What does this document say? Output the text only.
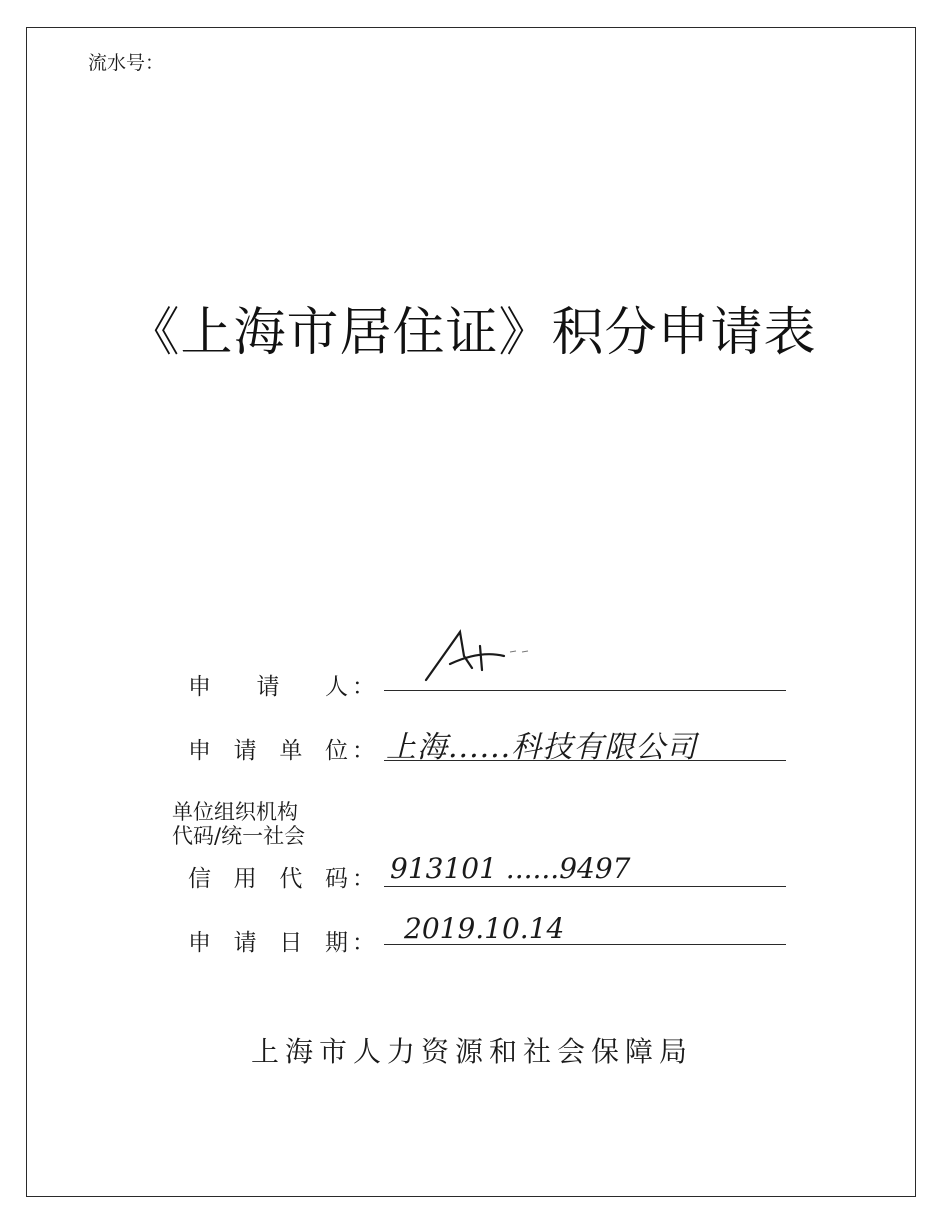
流水号：
《上海市居住证》积分申请表
申 请 人 ：
申 请 单 位 ： 上海......科技有限公司
单位组织机构
代码/统一社会
信 用 代 码 ： 913101 ......9497
申 请 日 期 ： 2019.10.14
上海市人力资源和社会保障局
